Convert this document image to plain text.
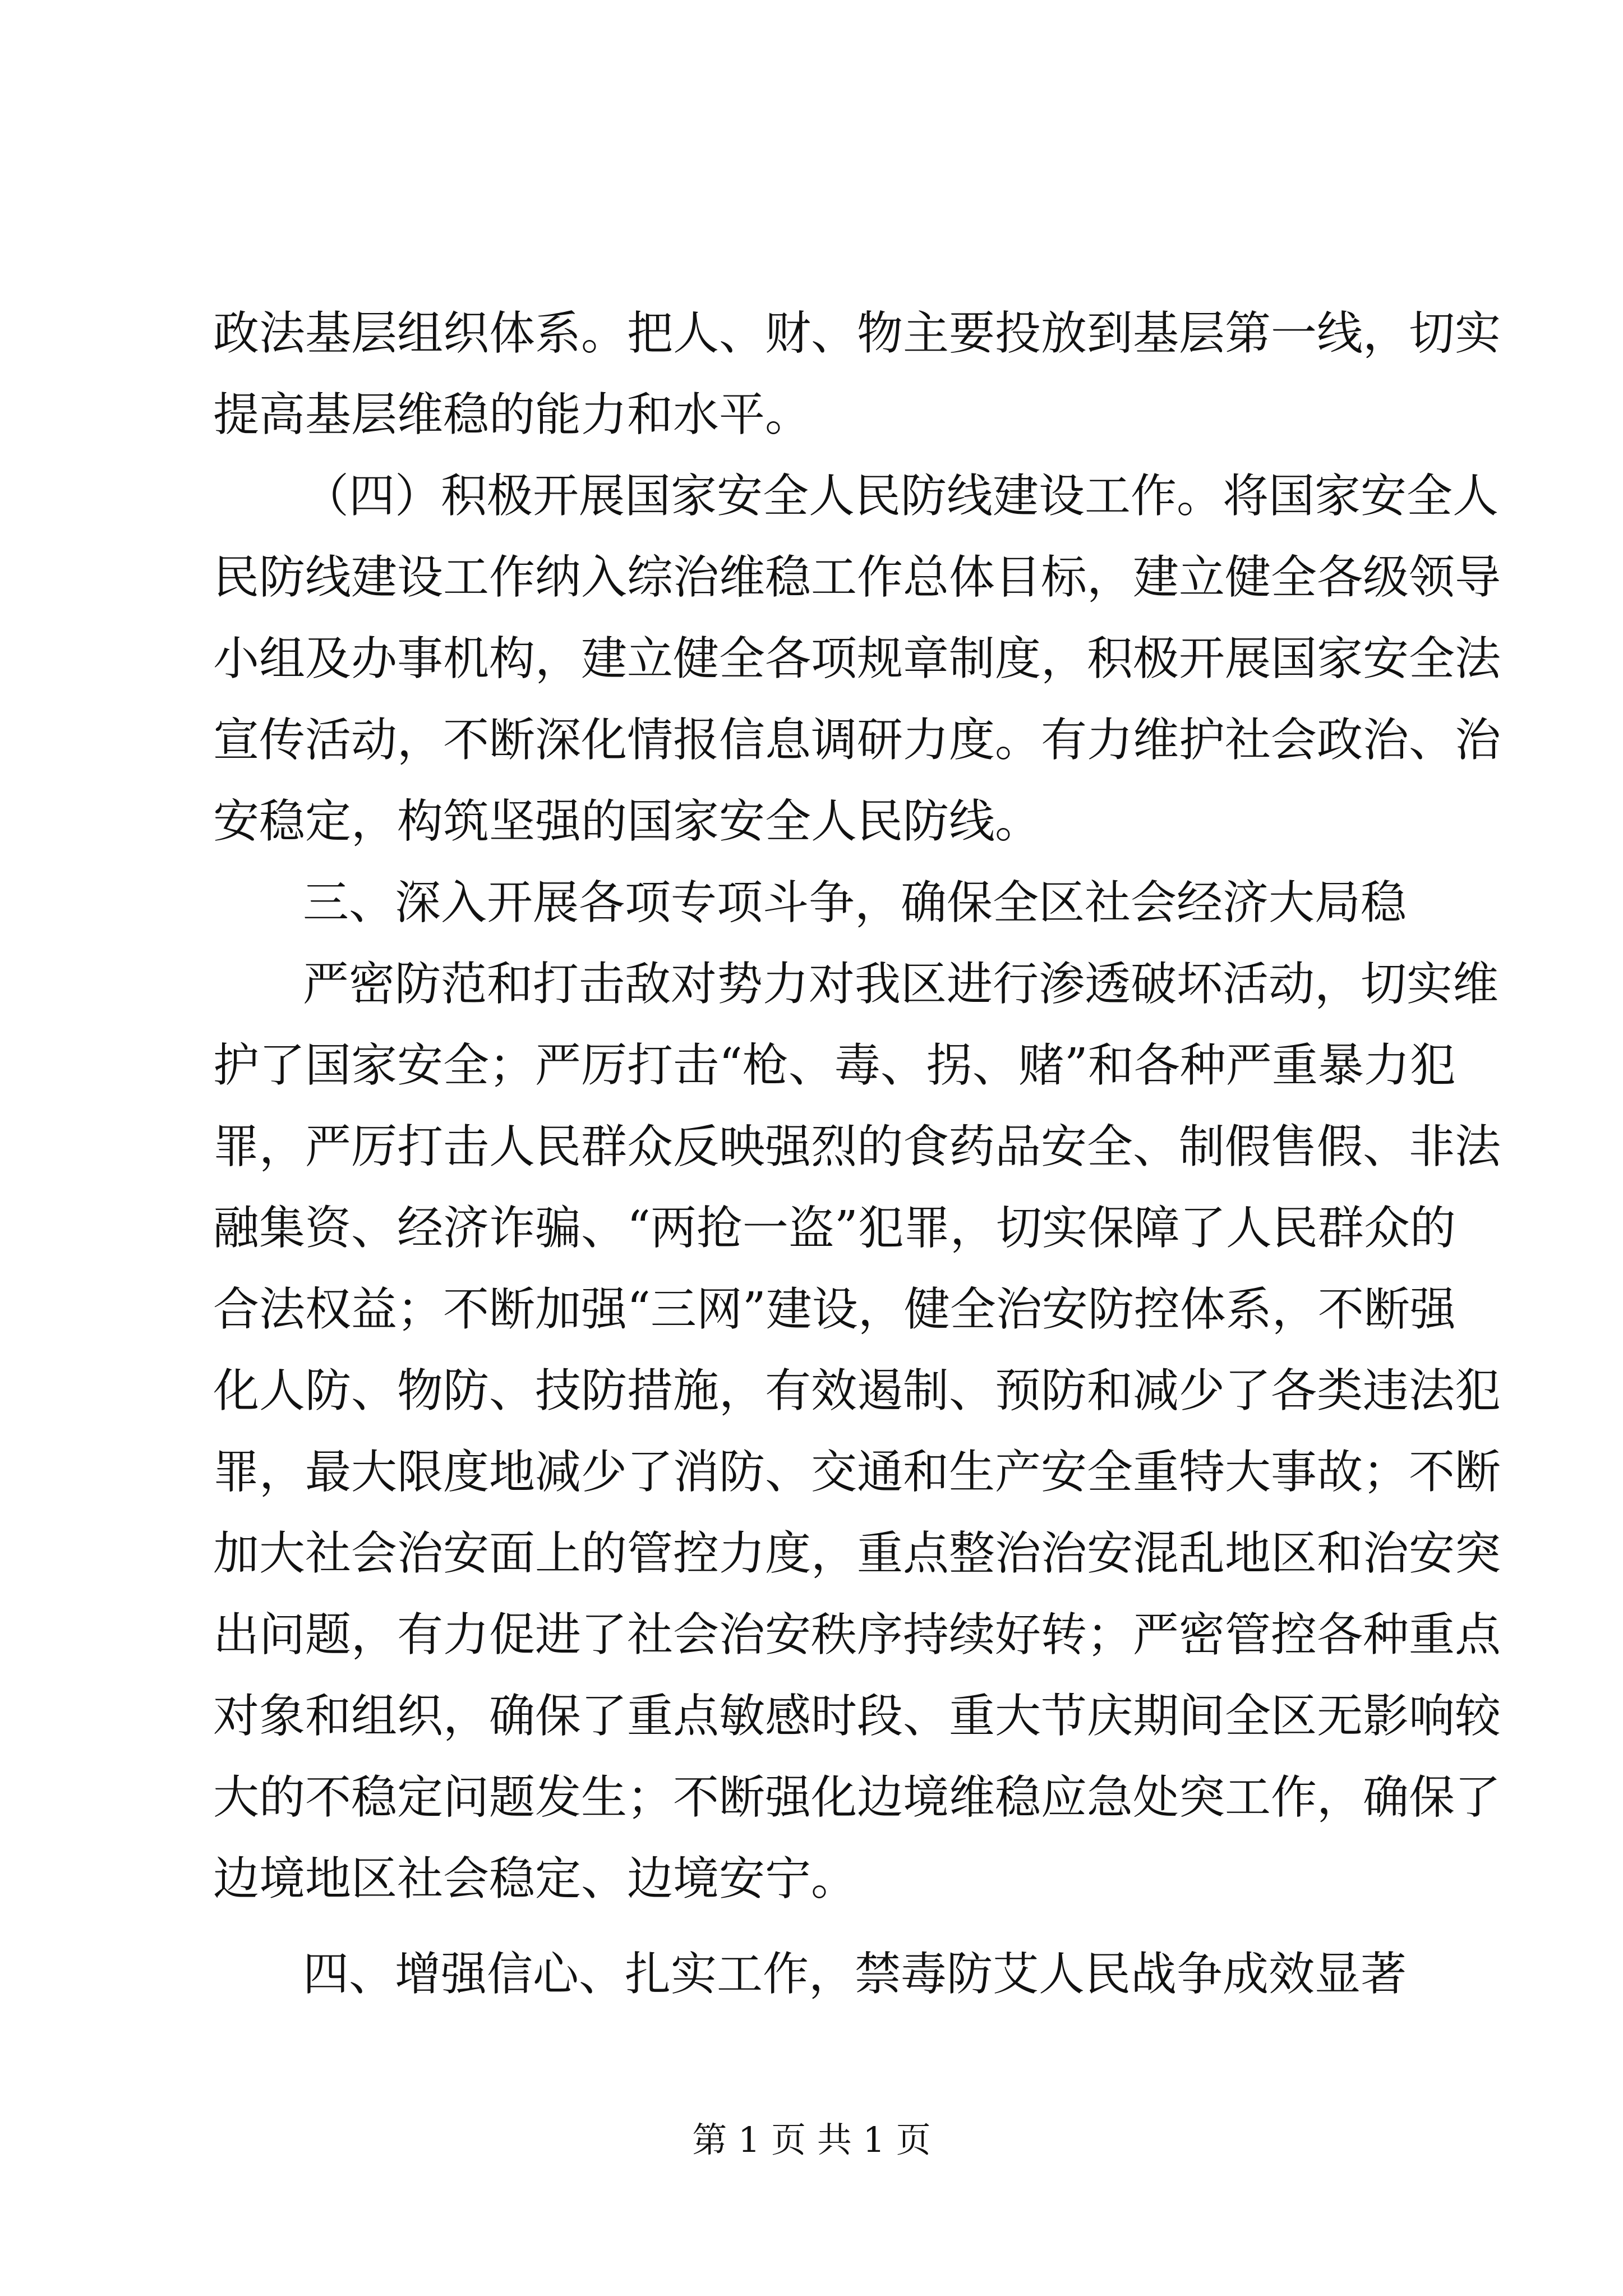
政法基层组织体系。把人、财、物主要投放到基层第一线，切实
提高基层维稳的能力和水平。
（四）积极开展国家安全人民防线建设工作。将国家安全人
民防线建设工作纳入综治维稳工作总体目标，建立健全各级领导
小组及办事机构，建立健全各项规章制度，积极开展国家安全法
宣传活动，不断深化情报信息调研力度。有力维护社会政治、治
安稳定，构筑坚强的国家安全人民防线。
三、深入开展各项专项斗争，确保全区社会经济大局稳
严密防范和打击敌对势力对我区进行渗透破坏活动，切实维
护了国家安全；严厉打击“枪、毒、拐、赌”和各种严重暴力犯
罪，严厉打击人民群众反映强烈的食药品安全、制假售假、非法
融集资、经济诈骗、“两抢一盗”犯罪，切实保障了人民群众的
合法权益；不断加强“三网”建设，健全治安防控体系，不断强
化人防、物防、技防措施，有效遏制、预防和减少了各类违法犯
罪，最大限度地减少了消防、交通和生产安全重特大事故；不断
加大社会治安面上的管控力度，重点整治治安混乱地区和治安突
出问题，有力促进了社会治安秩序持续好转；严密管控各种重点
对象和组织，确保了重点敏感时段、重大节庆期间全区无影响较
大的不稳定问题发生；不断强化边境维稳应急处突工作，确保了
边境地区社会稳定、边境安宁。
四、增强信心、扎实工作，禁毒防艾人民战争成效显著
第 1 页 共 1 页
